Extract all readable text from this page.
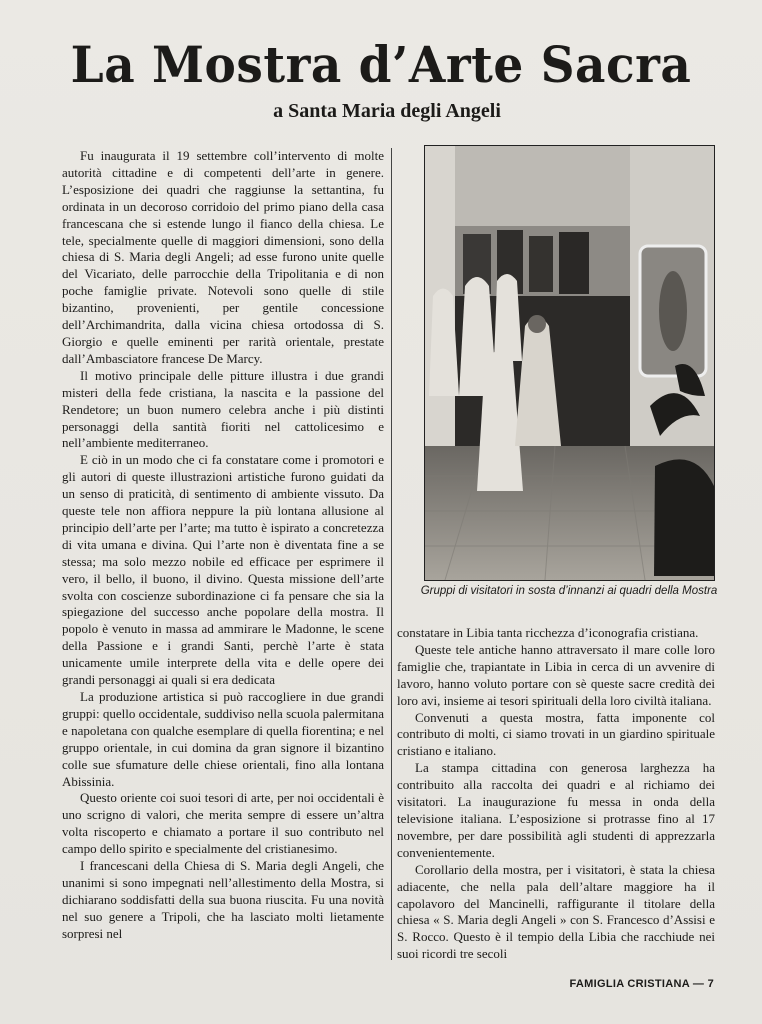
La Mostra d’Arte Sacra
a Santa Maria degli Angeli

Fu inaugurata il 19 settembre coll’intervento di molte autorità cittadine e di competenti dell’arte in genere. L’esposizione dei quadri che raggiunse la settantina, fu ordinata in un decoroso corridoio del primo piano della casa francescana che si estende lungo il fianco della chiesa. Le tele, specialmente quelle di maggiori dimensioni, sono della chiesa di S. Maria degli Angeli; ad esse furono unite quelle del Vicariato, delle parrocchie della Tripolitania e di non poche famiglie private. Notevoli sono quelle di stile bizantino, provenienti, per gentile concessione dell’Archimandrita, dalla vicina chiesa ortodossa di S. Giorgio e quelle eminenti per rarità orientale, prestate dall’Ambasciatore francese De Marcy.

Il motivo principale delle pitture illustra i due grandi misteri della fede cristiana, la nascita e la passione del Rendetore; un buon numero celebra anche i più distinti personaggi della santità fioriti nel cattolicesimo e nell’ambiente mediterraneo.

E ciò in un modo che ci fa constatare come i promotori e gli autori di queste illustrazioni artistiche furono guidati da un senso di praticità, di sentimento di ambiente vissuto. Da queste tele non affiora neppure la più lontana allusione al principio dell’arte per l’arte; ma tutto è ispirato a concretezza di vita umana e divina. Qui l’arte non è diventata fine a se stessa; ma solo mezzo nobile ed efficace per esprimere il vero, il bello, il buono, il divino. Questa missione dell’arte svolta con coscienze subordinazione ci fa pensare che sia la spiegazione del successo anche popolare della mostra. Il popolo è venuto in massa ad ammirare le Madonne, le scene della Passione e i grandi Santi, perchè l’arte è stata unicamente umile interprete della vita e delle opere dei grandi personaggi ai quali si era dedicata

La produzione artistica si può raccogliere in due grandi gruppi: quello occidentale, suddiviso nella scuola palermitana e napoletana con qualche esemplare di quella fiorentina; e nel gruppo orientale, in cui domina da gran signore il bizantino colle sue sfumature delle chiese orientali, fino alla lontana Abissinia.

Questo oriente coi suoi tesori di arte, per noi occidentali è uno scrigno di valori, che merita sempre di essere un’altra volta riscoperto e chiamato a portare il suo contributo nel campo dello spirito e specialmente del cristianesimo.

I francescani della Chiesa di S. Maria degli Angeli, che unanimi si sono impegnati nell’allestimento della Mostra, si dichiarano soddisfatti della sua buona riuscita. Fu una novità nel suo genere a Tripoli, che ha lasciato molti lietamente sorpresi nel

Gruppi di visitatori in sosta d’innanzi ai quadri della Mostra

constatare in Libia tanta ricchezza d’iconografia cristiana.

Queste tele antiche hanno attraversato il mare colle loro famiglie che, trapiantate in Libia in cerca di un avvenire di lavoro, hanno voluto portare con sè queste sacre credità dei loro avi, insieme ai tesori spirituali della loro civiltà italiana.

Convenuti a questa mostra, fatta imponente col contributo di molti, ci siamo trovati in un giardino spirituale cristiano e italiano.

La stampa cittadina con generosa larghezza ha contribuito alla raccolta dei quadri e al richiamo dei visitatori. La inaugurazione fu messa in onda della televisione italiana. L’esposizione si protrasse fino al 17 novembre, per dare possibilità agli studenti di apprezzarla convenientemente.

Corollario della mostra, per i visitatori, è stata la chiesa adiacente, che nella pala dell’altare maggiore ha il capolavoro del Mancinelli, raffigurante il titolare della chiesa « S. Maria degli Angeli » con S. Francesco d’Assisi e S. Rocco. Questo è il tempio della Libia che racchiude nei suoi ricordi tre secoli

FAMIGLIA CRISTIANA — 7
